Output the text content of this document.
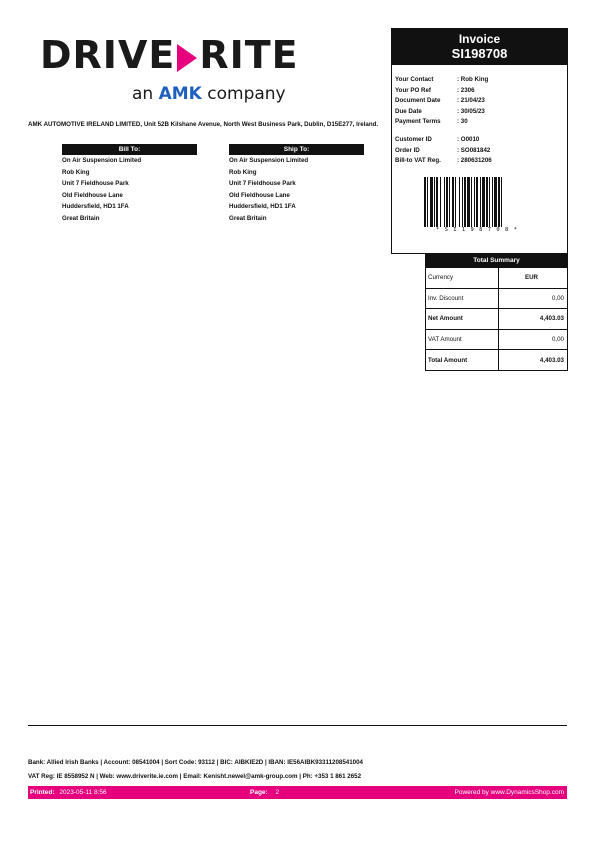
DRIVE RITE
an AMK company
AMK AUTOMOTIVE IRELAND LIMITED, Unit 52B Kilshane Avenue, North West Business Park, Dublin, D15E277, Ireland.
Bill To:
On Air Suspension Limited
Rob King
Unit 7 Fieldhouse Park
Old Fieldhouse Lane
Huddersfield, HD1 1FA
Great Britain
Ship To:
On Air Suspension Limited
Rob King
Unit 7 Fieldhouse Park
Old Fieldhouse Lane
Huddersfield, HD1 1FA
Great Britain
Invoice
SI198708
Your Contact	: Rob King
Your PO Ref	: 2306
Document Date	: 21/04/23
Due Date	: 30/05/23
Payment Terms	: 30
Customer ID	: O0010
Order ID	: SO081842
Bill-to VAT Reg.	: 280631206
* S I 1 9 8 7 0 8 *
Total Summary
Currency	EUR
Inv. Discount	0,00
Net Amount	4,403.03
VAT Amount	0,00
Total Amount	4,403.03
Bank: Allied Irish Banks | Account: 08541004 | Sort Code: 93112 | BIC: AIBKIE2D | IBAN: IE56AIBK93311208541004
VAT Reg: IE 8558952 N | Web: www.driverite.ie.com | Email: Kenisht.newel@amk-group.com | Ph: +353 1 861 2652
Printed: 2023-05-11 8:56	Page: 2	Powered by www.DynamicsShop.com
